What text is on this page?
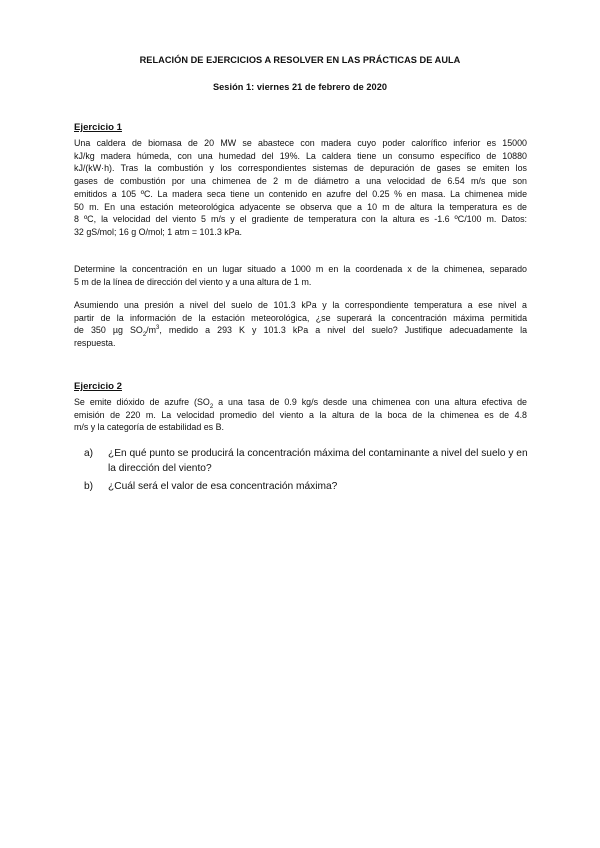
RELACIÓN DE EJERCICIOS A RESOLVER EN LAS PRÁCTICAS DE AULA
Sesión 1: viernes 21 de febrero de 2020
Ejercicio 1

Una caldera de biomasa de 20 MW se abastece con madera cuyo poder calorífico inferior es 15000
kJ/kg madera húmeda, con una humedad del 19%. La caldera tiene un consumo específico de 10880
kJ/(kW·h). Tras la combustión y los correspondientes sistemas de depuración de gases se emiten los
gases de combustión por una chimenea de 2 m de diámetro a una velocidad de 6.54 m/s que son
emitidos a 105 ºC. La madera seca tiene un contenido en azufre del 0.25 % en masa. La chimenea mide
50 m. En una estación meteorológica adyacente se observa que a 10 m de altura la temperatura es de
8 ºC, la velocidad del viento 5 m/s y el gradiente de temperatura con la altura es -1.6 ºC/100 m. Datos:
32 gS/mol; 16 g O/mol; 1 atm = 101.3 kPa.

Determine la concentración en un lugar situado a 1000 m en la coordenada x de la chimenea, separado
5 m de la línea de dirección del viento y a una altura de 1 m.

Asumiendo una presión a nivel del suelo de 101.3 kPa y la correspondiente temperatura a ese nivel a
partir de la información de la estación meteorológica, ¿se superará la concentración máxima permitida
de 350 µg $SO_2/m^3$, medido a 293 K y 101.3 kPa a nivel del suelo? Justifique adecuadamente la
respuesta.

Ejercicio 2

Se emite dióxido de azufre ($SO_2$ a una tasa de 0.9 kg/s desde una chimenea con una altura efectiva de
emisión de 220 m. La velocidad promedio del viento a la altura de la boca de la chimenea es de 4.8
m/s y la categoría de estabilidad es B.

a) ¿En qué punto se producirá la concentración máxima del contaminante a nivel del suelo y en la dirección del viento?
b) ¿Cuál será el valor de esa concentración máxima?
